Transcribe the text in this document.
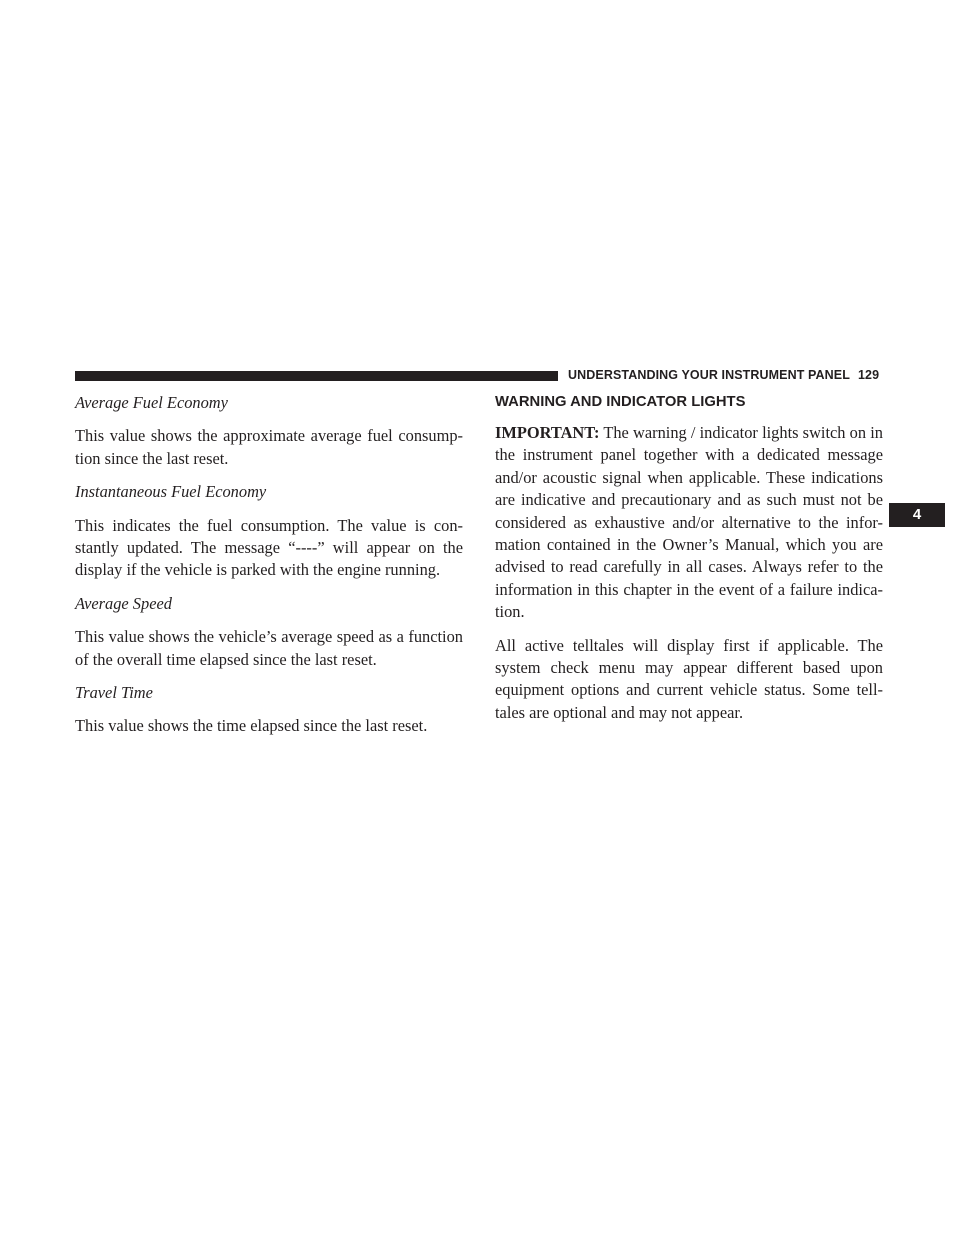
UNDERSTANDING YOUR INSTRUMENT PANEL 129
4

Average Fuel Economy

This value shows the approximate average fuel consump- tion since the last reset.

Instantaneous Fuel Economy

This indicates the fuel consumption. The value is con- stantly updated. The message “----” will appear on the display if the vehicle is parked with the engine running.

Average Speed

This value shows the vehicle’s average speed as a function of the overall time elapsed since the last reset.

Travel Time

This value shows the time elapsed since the last reset.

WARNING AND INDICATOR LIGHTS

IMPORTANT: The warning / indicator lights switch on in the instrument panel together with a dedicated message and/or acoustic signal when applicable. These indications are indicative and precautionary and as such must not be considered as exhaustive and/or alternative to the infor- mation contained in the Owner’s Manual, which you are advised to read carefully in all cases. Always refer to the information in this chapter in the event of a failure indica- tion.

All active telltales will display first if applicable. The system check menu may appear different based upon equipment options and current vehicle status. Some tell- tales are optional and may not appear.
